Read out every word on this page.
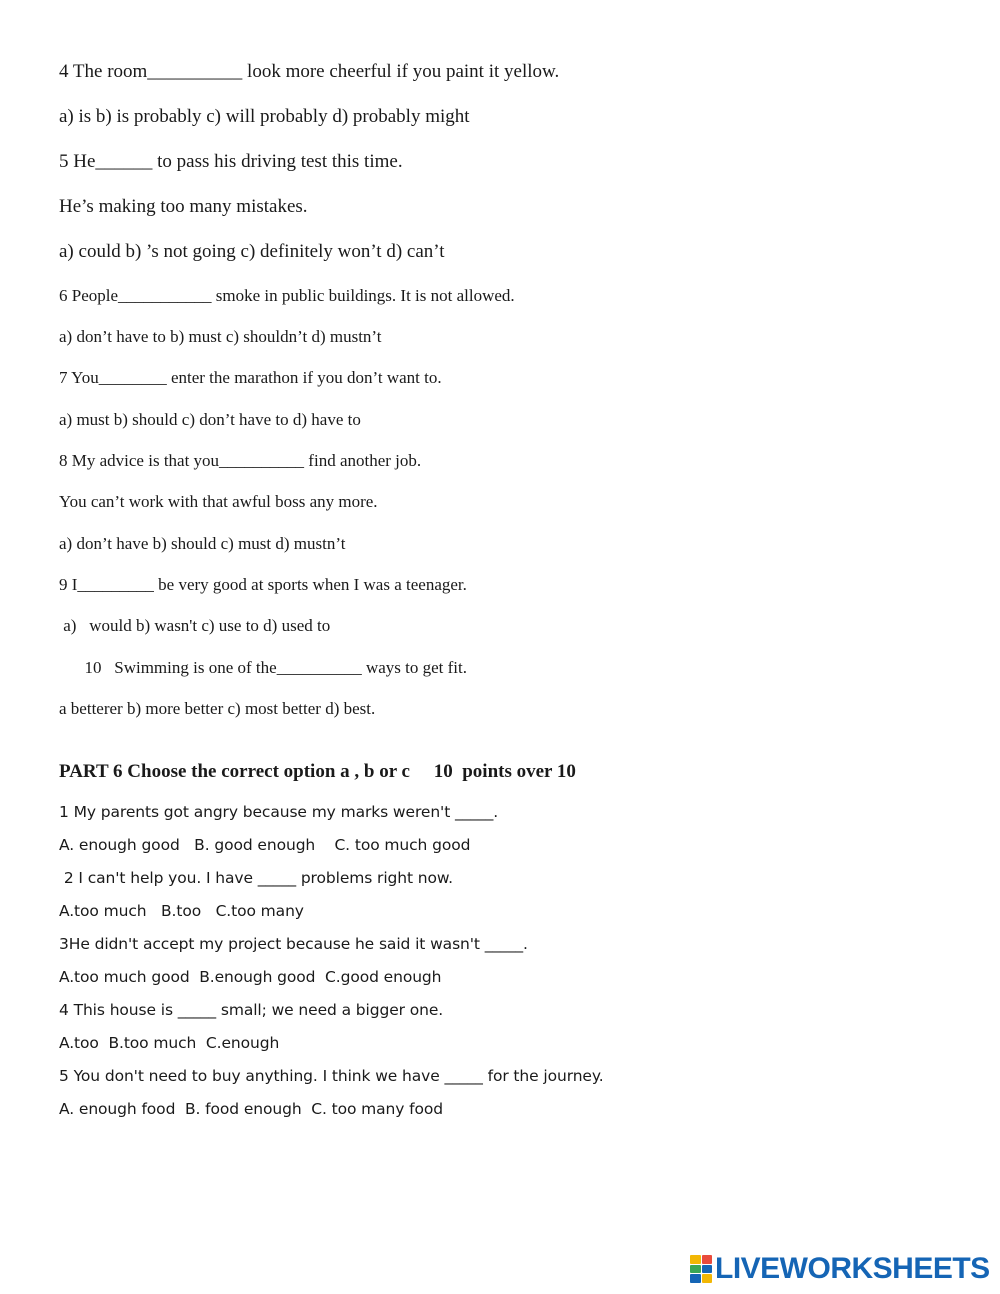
4 The room__________ look more cheerful if you paint it yellow.
a) is b) is probably c) will probably d) probably might
5 He______ to pass his driving test this time.
He’s making too many mistakes.
a) could b) ’s not going c) definitely won’t d) can’t
6 People___________ smoke in public buildings. It is not allowed.
a) don’t have to b) must c) shouldn’t d) mustn’t
7 You________ enter the marathon if you don’t want to.
a) must b) should c) don’t have to d) have to
8 My advice is that you__________ find another job.
You can’t work with that awful boss any more.
a) don’t have b) should c) must d) mustn’t
9 I_________ be very good at sports when I was a teenager.
a)   would b) wasn't c) use to d) used to
10   Swimming is one of the__________ ways to get fit.
a betterer b) more better c) most better d) best.
PART 6 Choose the correct option a , b or c     10  points over 10
1 My parents got angry because my marks weren't _____.
A. enough good   B. good enough    C. too much good
2 I can't help you. I have _____ problems right now.
A.too much   B.too   C.too many
3He didn't accept my project because he said it wasn't _____.
A.too much good  B.enough good  C.good enough
4 This house is _____ small; we need a bigger one.
A.too  B.too much  C.enough
5 You don't need to buy anything. I think we have _____ for the journey.
A. enough food  B. food enough  C. too many food
LIVEWORKSHEETS
